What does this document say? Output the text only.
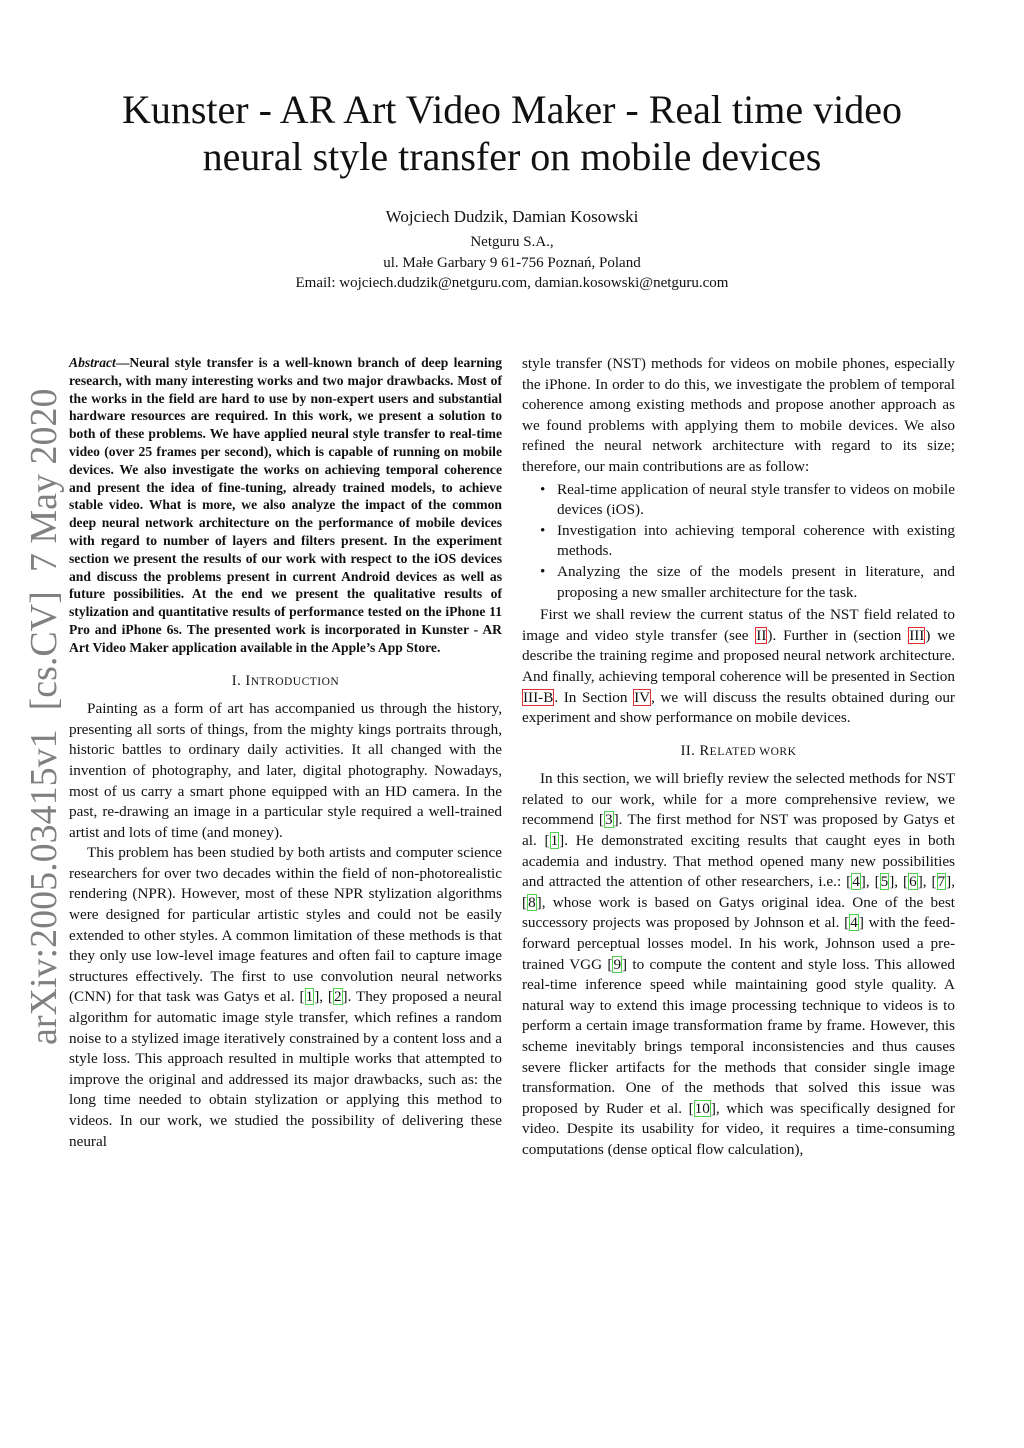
Kunster - AR Art Video Maker - Real time video
neural style transfer on mobile devices
Wojciech Dudzik, Damian Kosowski
Netguru S.A.,
ul. Małe Garbary 9 61-756 Poznań, Poland
Email: wojciech.dudzik@netguru.com, damian.kosowski@netguru.com
arXiv:2005.03415v1  [cs.CV]  7 May 2020

Abstract—Neural style transfer is a well-known branch of deep learning research, with many interesting works and two major drawbacks. Most of the works in the field are hard to use by non-expert users and substantial hardware resources are required. In this work, we present a solution to both of these problems. We have applied neural style transfer to real-time video (over 25 frames per second), which is capable of running on mobile devices. We also investigate the works on achieving temporal coherence and present the idea of fine-tuning, already trained models, to achieve stable video. What is more, we also analyze the impact of the common deep neural network architecture on the performance of mobile devices with regard to number of layers and filters present. In the experiment section we present the results of our work with respect to the iOS devices and discuss the problems present in current Android devices as well as future possibilities. At the end we present the qualitative results of stylization and quantitative results of performance tested on the iPhone 11 Pro and iPhone 6s. The presented work is incorporated in Kunster - AR Art Video Maker application available in the Apple’s App Store.

I. INTRODUCTION

Painting as a form of art has accompanied us through the history, presenting all sorts of things, from the mighty kings portraits through, historic battles to ordinary daily activities. It all changed with the invention of photography, and later, digital photography. Nowadays, most of us carry a smart phone equipped with an HD camera. In the past, re-drawing an image in a particular style required a well-trained artist and lots of time (and money).

This problem has been studied by both artists and computer science researchers for over two decades within the field of non-photorealistic rendering (NPR). However, most of these NPR stylization algorithms were designed for particular artistic styles and could not be easily extended to other styles. A common limitation of these methods is that they only use low-level image features and often fail to capture image structures effectively. The first to use convolution neural networks (CNN) for that task was Gatys et al. [1], [2]. They proposed a neural algorithm for automatic image style transfer, which refines a random noise to a stylized image iteratively constrained by a content loss and a style loss. This approach resulted in multiple works that attempted to improve the original and addressed its major drawbacks, such as: the long time needed to obtain stylization or applying this method to videos. In our work, we studied the possibility of delivering these neural

style transfer (NST) methods for videos on mobile phones, especially the iPhone. In order to do this, we investigate the problem of temporal coherence among existing methods and propose another approach as we found problems with applying them to mobile devices. We also refined the neural network architecture with regard to its size; therefore, our main contributions are as follow:

• Real-time application of neural style transfer to videos on mobile devices (iOS).
• Investigation into achieving temporal coherence with existing methods.
• Analyzing the size of the models present in literature, and proposing a new smaller architecture for the task.

First we shall review the current status of the NST field related to image and video style transfer (see II). Further in (section III) we describe the training regime and proposed neural network architecture. And finally, achieving temporal coherence will be presented in Section III-B. In Section IV, we will discuss the results obtained during our experiment and show performance on mobile devices.

II. RELATED WORK

In this section, we will briefly review the selected methods for NST related to our work, while for a more comprehensive review, we recommend [3]. The first method for NST was proposed by Gatys et al. [1]. He demonstrated exciting results that caught eyes in both academia and industry. That method opened many new possibilities and attracted the attention of other researchers, i.e.: [4], [5], [6], [7], [8], whose work is based on Gatys original idea. One of the best successory projects was proposed by Johnson et al. [4] with the feed-forward perceptual losses model. In his work, Johnson used a pre-trained VGG [9] to compute the content and style loss. This allowed real-time inference speed while maintaining good style quality. A natural way to extend this image processing technique to videos is to perform a certain image transformation frame by frame. However, this scheme inevitably brings temporal inconsistencies and thus causes severe flicker artifacts for the methods that consider single image transformation. One of the methods that solved this issue was proposed by Ruder et al. [10], which was specifically designed for video. Despite its usability for video, it requires a time-consuming computations (dense optical flow calculation),
